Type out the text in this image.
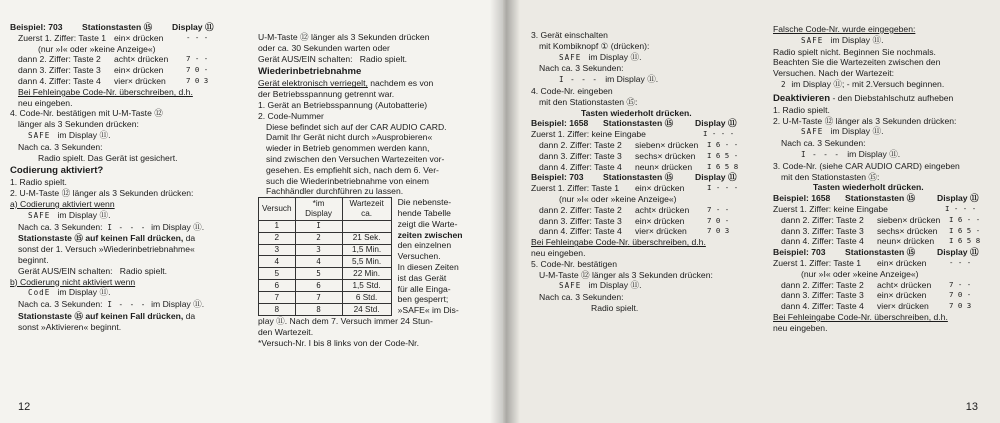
Beispiel: 703	Stationstasten ⑮	Display ⑪
Zuerst 1. Ziffer: Taste 1 ein× drücken	- - -
(nur »I« oder »keine Anzeige«)
dann 2. Ziffer: Taste 2	acht× drücken	7 - -
dann 3. Ziffer: Taste 3	ein× drücken	7 0 -
dann 4. Ziffer: Taste 4	vier× drücken	7 0 3

Bei Fehleingabe Code-Nr. überschreiben, d.h.

neu eingeben.

4. Code-Nr. bestätigen mit U-M-Taste ⑫

länger als 3 Sekunden drücken:

SAFE im Display ⑪.

Nach ca. 3 Sekunden:

Radio spielt. Das Gerät ist gesichert.

Codierung aktiviert?

1. Radio spielt.

2. U-M-Taste ⑫ länger als 3 Sekunden drücken:

a) Codierung aktiviert wenn

SAFE im Display ⑪.

Nach ca. 3 Sekunden: I - - - im Display ⑪.

Stationstaste ⑮ auf keinen Fall drücken, da

sonst der 1. Versuch »Wiederinbetriebnahme«

beginnt.

Gerät AUS/EIN schalten: Radio spielt.

b) Codierung nicht aktiviert wenn

CodE im Display ⑪.

Nach ca. 3 Sekunden: I - - - im Display ⑪.

Stationstaste ⑮ auf keinen Fall drücken, da

sonst »Aktivieren« beginnt.

U-M-Taste ⑫ länger als 3 Sekunden drücken

oder ca. 30 Sekunden warten oder

Gerät AUS/EIN schalten: Radio spielt.

Wiederinbetriebnahme

Gerät elektronisch verriegelt, nachdem es von

der Betriebsspannung getrennt war.

1. Gerät an Betriebsspannung (Autobatterie)

2. Code-Nummer

Diese befindet sich auf der CAR AUDIO CARD.

Damit Ihr Gerät nicht durch »Ausprobieren«

wieder in Betrieb genommen werden kann,

sind zwischen den Versuchen Wartezeiten vor-

gesehen. Es empfiehlt sich, nach dem 6. Ver-

such die Wiederinbetriebnahme von einem

Fachhändler durchführen zu lassen.

Versuch	*im Display	Wartezeit ca.
1	I	
2	2	21 Sek.
3	3	1,5 Min.
4	4	5,5 Min.
5	5	22 Min.
6	6	1,5 Std.
7	7	6 Std.
8	8	24 Std.

Die nebenste-

hende Tabelle

zeigt die Warte-

zeiten zwischen

den einzelnen

Versuchen.

In diesen Zeiten

ist das Gerät

für alle Eingа-

ben gesperrt;

»SAFE« im Dis-

play ⑪. Nach dem 7. Versuch immer 24 Stun-

den Wartezeit.

*Versuch-Nr. I bis 8 links von der Code-Nr.

12

3. Gerät einschalten

mit Kombiknopf ① (drücken):

SAFE im Display ⑪.

Nach ca. 3 Sekunden:

I - - - im Display ⑪.

4. Code-Nr. eingeben

mit den Stationstasten ⑮:

Tasten wiederholt drücken.

Beispiel: 1658	Stationstasten ⑮	Display ⑪
Zuerst 1. Ziffer: keine Eingabe	I - - -
dann 2. Ziffer: Taste 2	sieben× drücken	I 6 - -
dann 3. Ziffer: Taste 3	sechs× drücken	I 6 5 -
dann 4. Ziffer: Taste 4	neun× drücken	I 6 5 8
Beispiel: 703	Stationstasten ⑮	Display ⑪
Zuerst 1. Ziffer: Taste 1	ein× drücken	I - - -
(nur »I« oder »keine Anzeige«)
dann 2. Ziffer: Taste 2	acht× drücken	7 - -
dann 3. Ziffer: Taste 3	ein× drücken	7 0 -
dann 4. Ziffer: Taste 4	vier× drücken	7 0 3

Bei Fehleingabe Code-Nr. überschreiben, d.h.

neu eingeben.

5. Code-Nr. bestätigen

U-M-Taste ⑫ länger als 3 Sekunden drücken:

SAFE im Display ⑪.

Nach ca. 3 Sekunden:

Radio spielt.

Falsche Code-Nr. wurde eingegeben:

SAFE im Display ⑪.

Radio spielt nicht. Beginnen Sie nochmals.

Beachten Sie die Wartezeiten zwischen den

Versuchen. Nach der Wartezeit:

2 im Display ⑪; - mit 2.Versuch beginnen.

Deaktivieren - den Diebstahlschutz aufheben

1. Radio spielt.

2. U-M-Taste ⑫ länger als 3 Sekunden drücken:

SAFE im Display ⑪.

Nach ca. 3 Sekunden:

I - - - im Display ⑪.

3. Code-Nr. (siehe CAR AUDIO CARD) eingeben

mit den Stationstasten ⑮:

Tasten wiederholt drücken.

Beispiel: 1658	Stationstasten ⑮	Display ⑪
Zuerst 1. Ziffer: keine Eingabe	I - - -
dann 2. Ziffer: Taste 2	sieben× drücken	I 6 - -
dann 3. Ziffer: Taste 3	sechs× drücken	I 6 5 -
dann 4. Ziffer: Taste 4	neun× drücken	I 6 5 8
Beispiel: 703	Stationstasten ⑮	Display ⑪
Zuerst 1. Ziffer: Taste 1	ein× drücken	- - -
(nur »I« oder »keine Anzeige«)
dann 2. Ziffer: Taste 2	acht× drücken	7 - -
dann 3. Ziffer: Taste 3	ein× drücken	7 0 -
dann 4. Ziffer: Taste 4	vier× drücken	7 0 3

Bei Fehleingabe Code-Nr. überschreiben, d.h.

neu eingeben.

13
